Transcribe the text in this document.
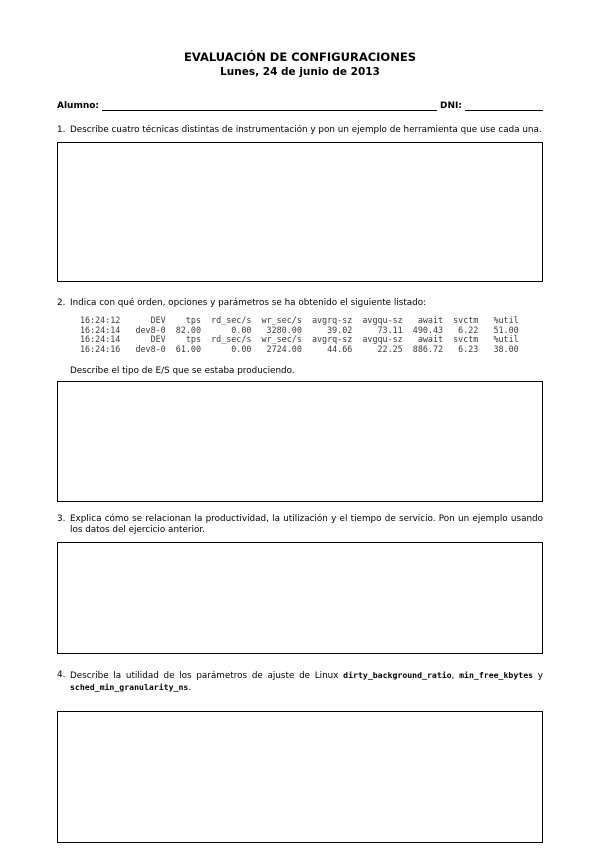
EVALUACIÓN DE CONFIGURACIONES
Lunes, 24 de junio de 2013
Alumno:	DNI:
1. Describe cuatro técnicas distintas de instrumentación y pon un ejemplo de herramienta que use cada una.
2. Indica con qué orden, opciones y parámetros se ha obtenido el siguiente listado:
16:24:12      DEV    tps  rd_sec/s  wr_sec/s  avgrq-sz  avgqu-sz   await  svctm   %util
16:24:14   dev8-0  82.00      0.00   3280.00     39.02     73.11  490.43   6.22   51.00
16:24:14      DEV    tps  rd_sec/s  wr_sec/s  avgrq-sz  avgqu-sz   await  svctm   %util
16:24:16   dev8-0  61.00      0.00   2724.00     44.66     22.25  886.72   6.23   38.00
Describe el tipo de E/S que se estaba produciendo.
3. Explica cómo se relacionan la productividad, la utilización y el tiempo de servicio. Pon un ejemplo usando los datos del ejercicio anterior.
4. Describe la utilidad de los parámetros de ajuste de Linux dirty_background_ratio, min_free_kbytes y sched_min_granularity_ns.
